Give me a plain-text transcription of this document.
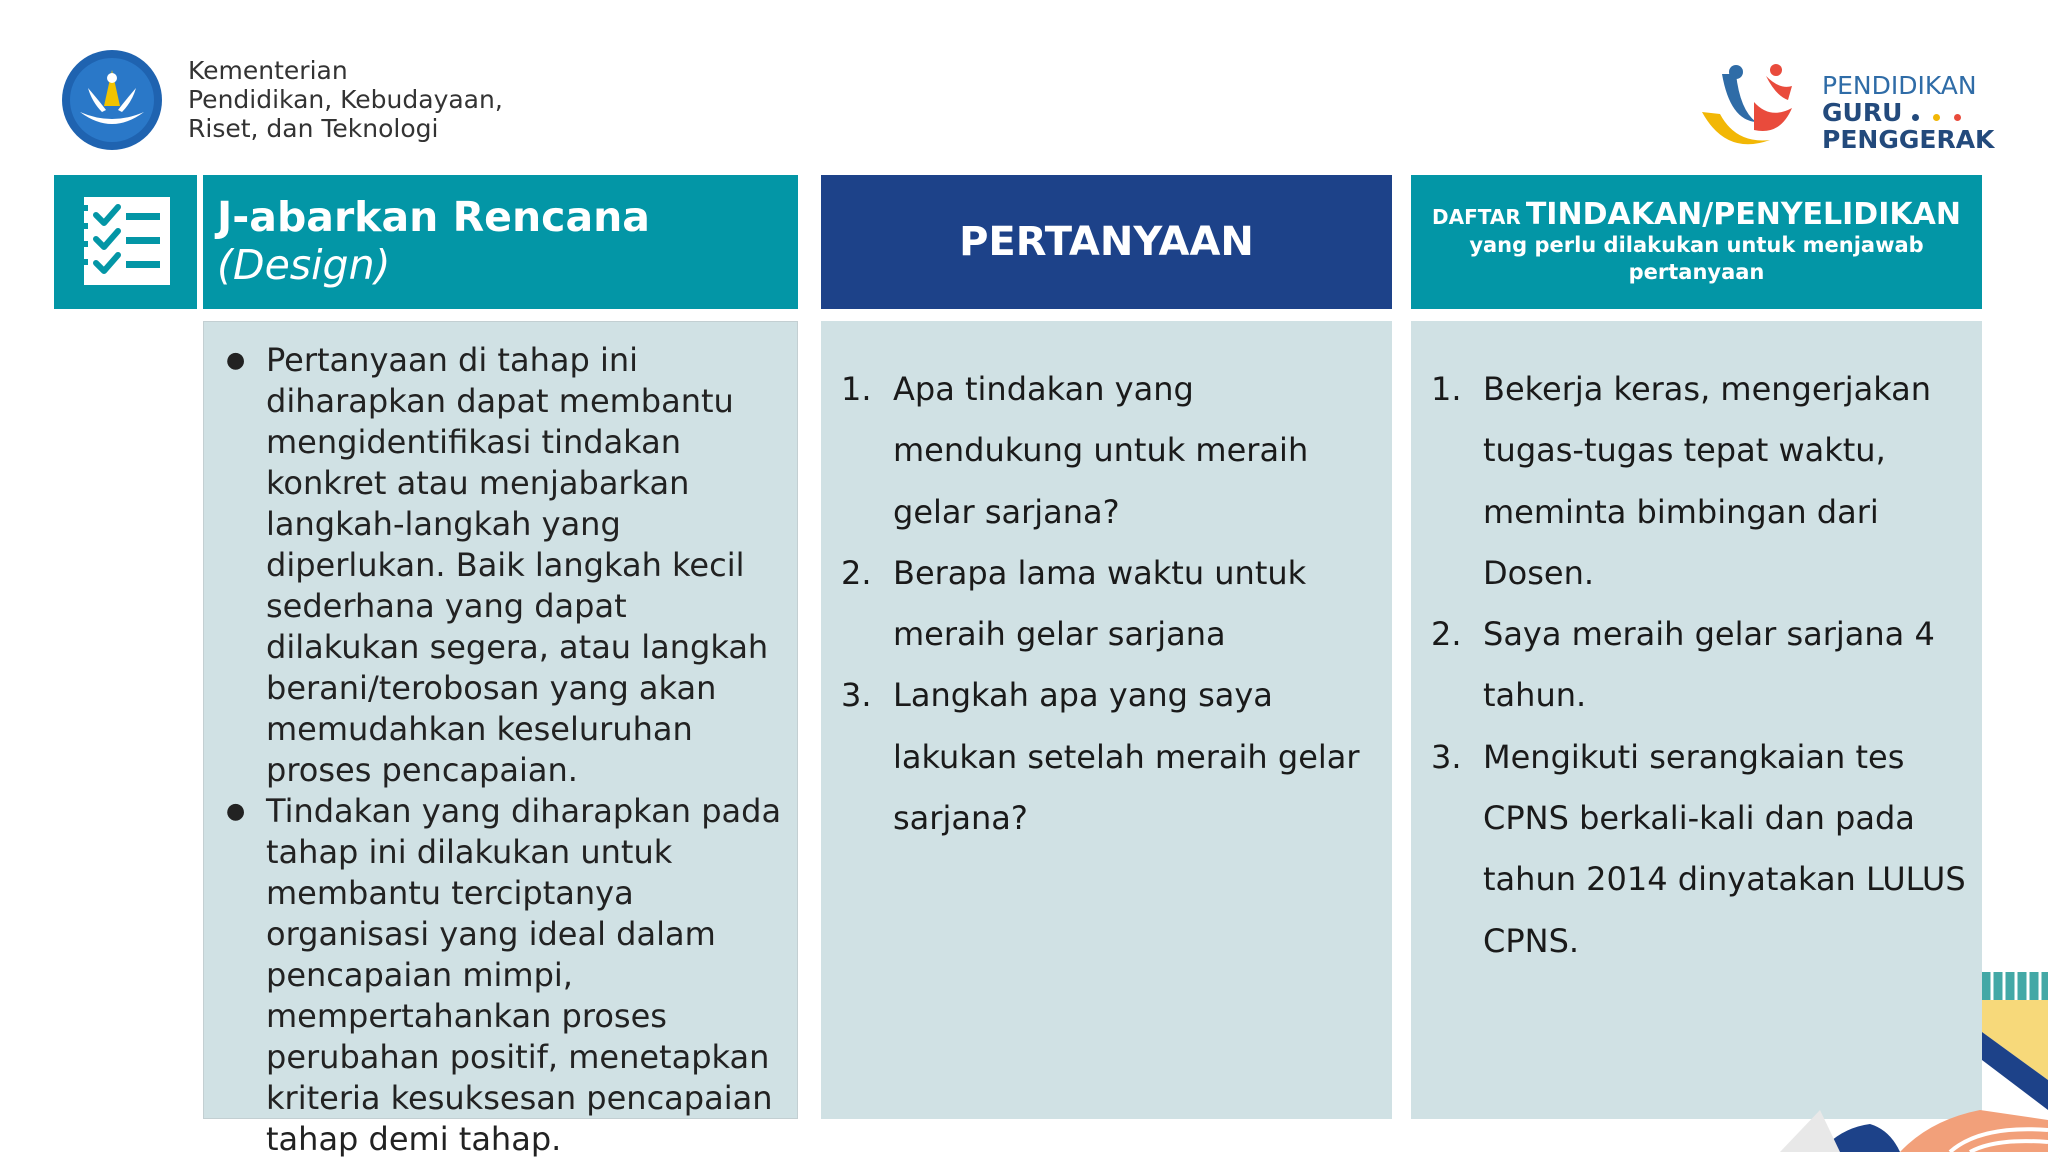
Kementerian
Pendidikan, Kebudayaan,
Riset, dan Teknologi
PENDIDIKAN
GURU
PENGGERAK
J-abarkan Rencana
(Design)	PERTANYAAN
DAFTAR TINDAKAN/PENYELIDIKAN
yang perlu dilakukan untuk menjawab pertanyaan
● Pertanyaan di tahap ini diharapkan dapat membantu mengidentifikasi tindakan konkret atau menjabarkan langkah-langkah yang diperlukan. Baik langkah kecil sederhana yang dapat dilakukan segera, atau langkah berani/terobosan yang akan memudahkan keseluruhan proses pencapaian.
● Tindakan yang diharapkan pada tahap ini dilakukan untuk membantu terciptanya organisasi yang ideal dalam pencapaian mimpi, mempertahankan proses perubahan positif, menetapkan kriteria kesuksesan pencapaian tahap demi tahap.
1. Apa tindakan yang mendukung untuk meraih gelar sarjana?
2. Berapa lama waktu untuk meraih gelar sarjana
3. Langkah apa yang saya lakukan setelah meraih gelar sarjana?
1. Bekerja keras, mengerjakan tugas-tugas tepat waktu, meminta bimbingan dari Dosen.
2. Saya meraih gelar sarjana 4 tahun.
3. Mengikuti serangkaian tes CPNS berkali-kali dan pada tahun 2014 dinyatakan LULUS CPNS.
